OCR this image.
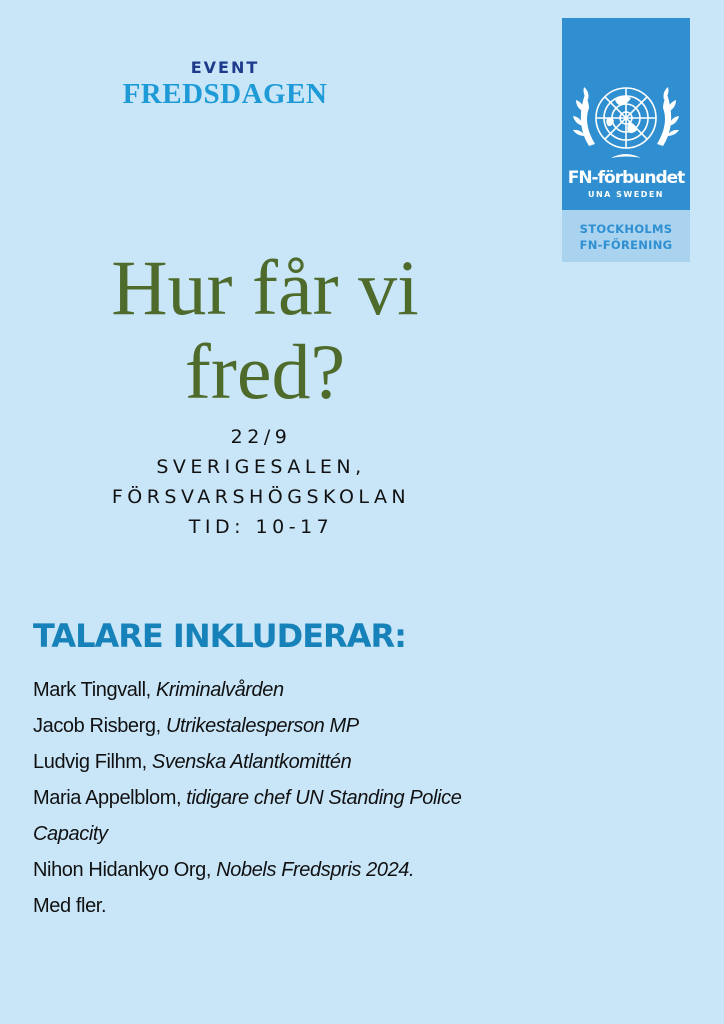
EVENT
FREDSDAGEN
FN-förbundet
UNA SWEDEN
STOCKHOLMS
FN-FÖRENING
Hur får vi
fred?
22/9
SVERIGESALEN,
FÖRSVARSHÖGSKOLAN
TID: 10-17
TALARE INKLUDERAR:
Mark Tingvall, Kriminalvården
Jacob Risberg, Utrikestalesperson MP
Ludvig Filhm, Svenska Atlantkomittén
Maria Appelblom, tidigare chef UN Standing Police Capacity
Nihon Hidankyo Org, Nobels Fredspris 2024.
Med fler.
